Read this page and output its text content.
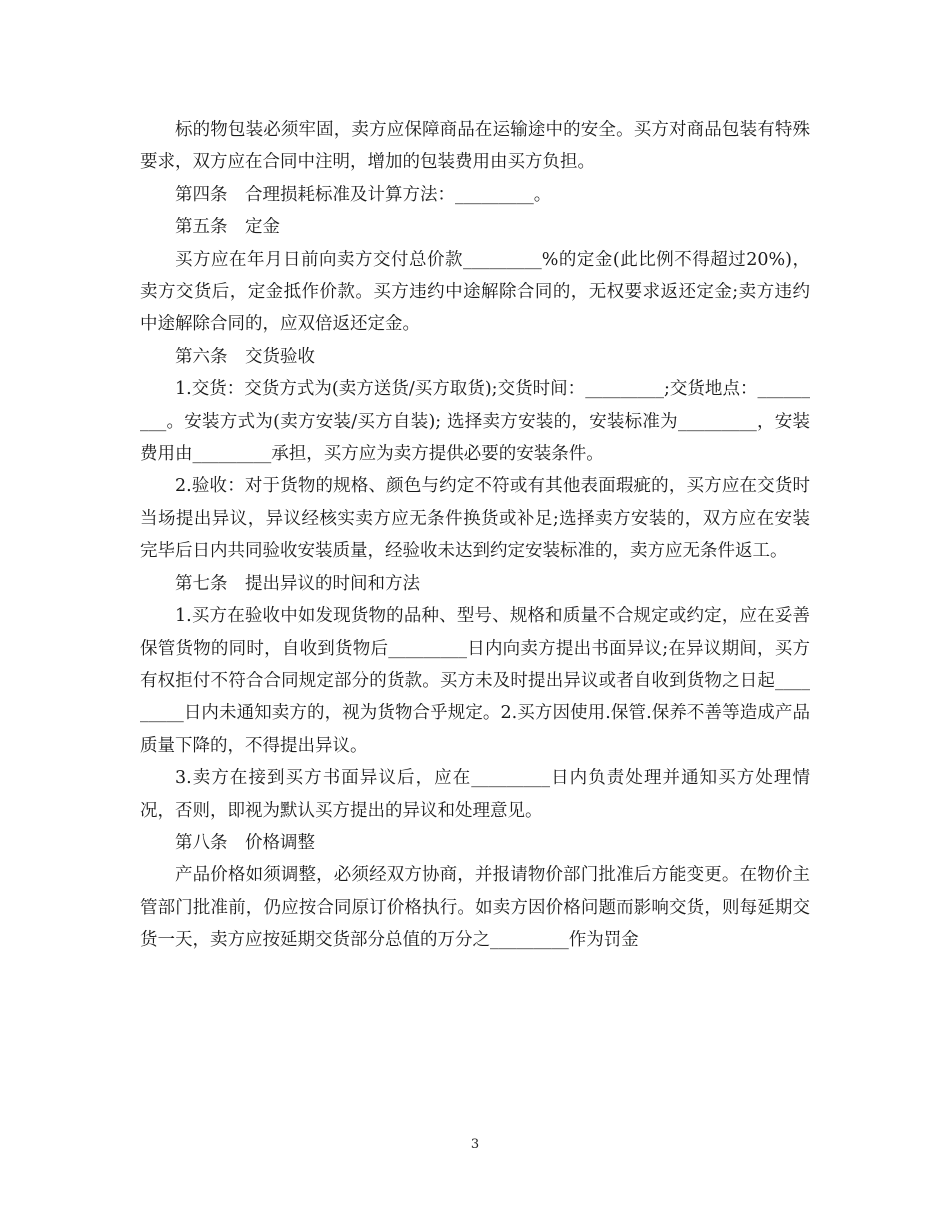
标的物包装必须牢固，卖方应保障商品在运输途中的安全。买方对商品包装有特殊要求，双方应在合同中注明，增加的包装费用由买方负担。

第四条　合理损耗标准及计算方法：_________。

第五条　定金

买方应在年月日前向卖方交付总价款_________%的定金(此比例不得超过20%)，卖方交货后，定金抵作价款。买方违约中途解除合同的，无权要求返还定金;卖方违约中途解除合同的，应双倍返还定金。

第六条　交货验收

1.交货：交货方式为(卖方送货/买方取货);交货时间：_________;交货地点：_________。安装方式为(卖方安装/买方自装); 选择卖方安装的，安装标准为_________，安装费用由_________承担，买方应为卖方提供必要的安装条件。

2.验收：对于货物的规格、颜色与约定不符或有其他表面瑕疵的，买方应在交货时当场提出异议，异议经核实卖方应无条件换货或补足;选择卖方安装的，双方应在安装完毕后日内共同验收安装质量，经验收未达到约定安装标准的，卖方应无条件返工。

第七条　提出异议的时间和方法

1.买方在验收中如发现货物的品种、型号、规格和质量不合规定或约定，应在妥善保管货物的同时，自收到货物后_________日内向卖方提出书面异议;在异议期间，买方有权拒付不符合合同规定部分的货款。买方未及时提出异议或者自收到货物之日起_________日内未通知卖方的，视为货物合乎规定。2.买方因使用.保管.保养不善等造成产品质量下降的，不得提出异议。

3.卖方在接到买方书面异议后，应在_________日内负责处理并通知买方处理情况，否则，即视为默认买方提出的异议和处理意见。

第八条　价格调整

产品价格如须调整，必须经双方协商，并报请物价部门批准后方能变更。在物价主管部门批准前，仍应按合同原订价格执行。如卖方因价格问题而影响交货，则每延期交货一天，卖方应按延期交货部分总值的万分之_________作为罚金

3
